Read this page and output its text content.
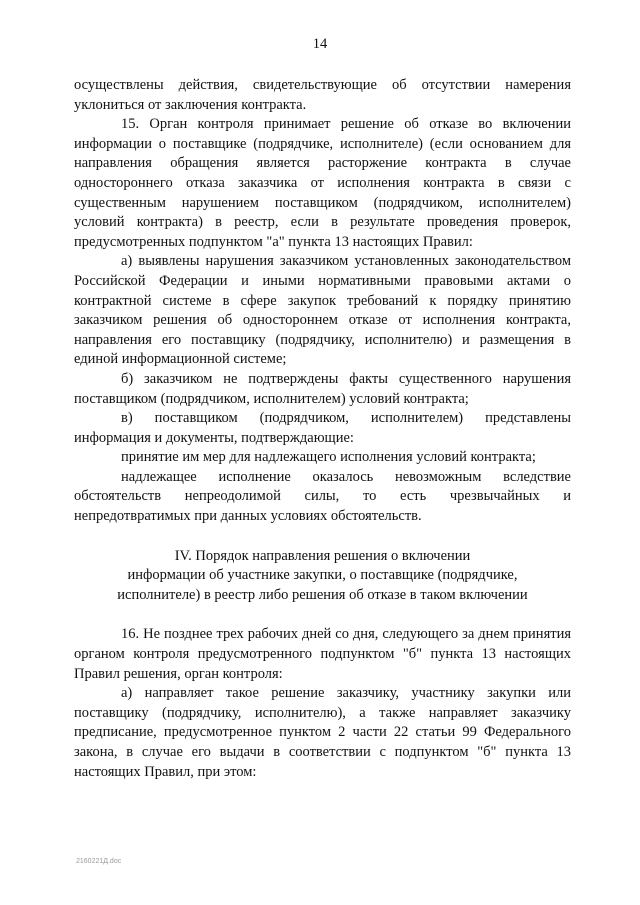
14

осуществлены действия, свидетельствующие об отсутствии намерения уклониться от заключения контракта.

15. Орган контроля принимает решение об отказе во включении информации о поставщике (подрядчике, исполнителе) (если основанием для направления обращения является расторжение контракта в случае одностороннего отказа заказчика от исполнения контракта в связи с существенным нарушением поставщиком (подрядчиком, исполнителем) условий контракта) в реестр, если в результате проведения проверок, предусмотренных подпунктом "а" пункта 13 настоящих Правил:

а) выявлены нарушения заказчиком установленных законодательством Российской Федерации и иными нормативными правовыми актами о контрактной системе в сфере закупок требований к порядку принятию заказчиком решения об одностороннем отказе от исполнения контракта, направления его поставщику (подрядчику, исполнителю) и размещения в единой информационной системе;

б) заказчиком не подтверждены факты существенного нарушения поставщиком (подрядчиком, исполнителем) условий контракта;

в) поставщиком (подрядчиком, исполнителем) представлены информация и документы, подтверждающие:

принятие им мер для надлежащего исполнения условий контракта;

надлежащее исполнение оказалось невозможным вследствие обстоятельств непреодолимой силы, то есть чрезвычайных и непредотвратимых при данных условиях обстоятельств.

IV. Порядок направления решения о включении
информации об участнике закупки, о поставщике (подрядчике,
исполнителе) в реестр либо решения об отказе в таком включении

16. Не позднее трех рабочих дней со дня, следующего за днем принятия органом контроля предусмотренного подпунктом "б" пункта 13 настоящих Правил решения, орган контроля:

а) направляет такое решение заказчику, участнику закупки или поставщику (подрядчику, исполнителю), а также направляет заказчику предписание, предусмотренное пунктом 2 части 22 статьи 99 Федерального закона, в случае его выдачи в соответствии с подпунктом "б" пункта 13 настоящих Правил, при этом:

2160221Д.doc
